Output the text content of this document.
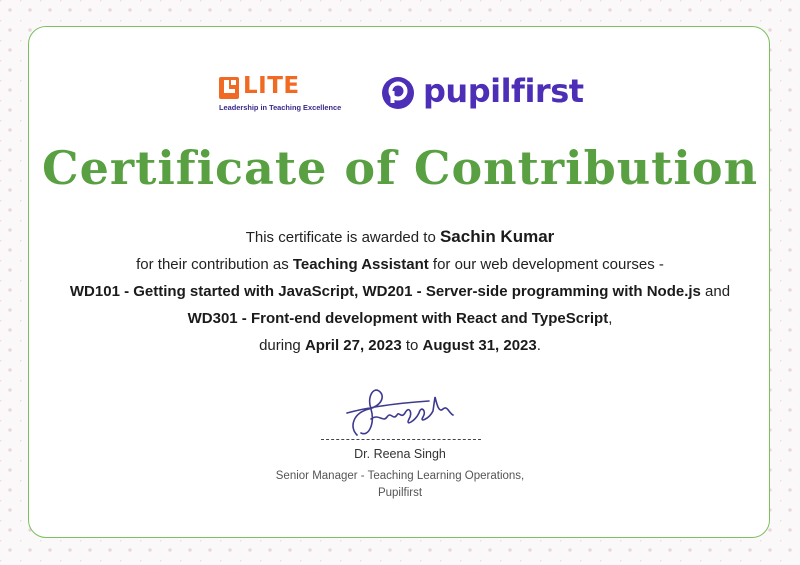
LITE
Leadership in Teaching Excellence	pupilfirst
Certificate of Contribution
This certificate is awarded to Sachin Kumar
for their contribution as Teaching Assistant for our web development courses -
WD101 - Getting started with JavaScript, WD201 - Server-side programming with Node.js and
WD301 - Front-end development with React and TypeScript,
during April 27, 2023 to August 31, 2023.
Dr. Reena Singh
Senior Manager - Teaching Learning Operations,
Pupilfirst
